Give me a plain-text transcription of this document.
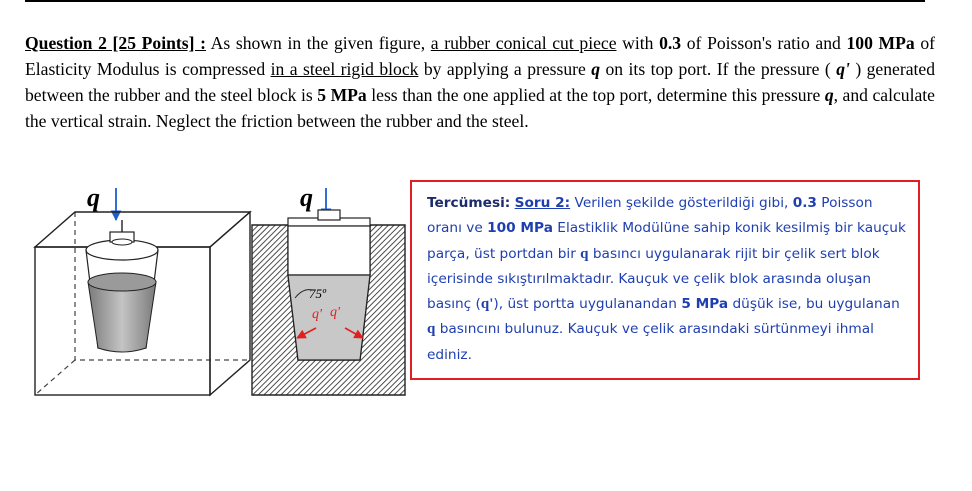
Question 2 [25 Points] : As shown in the given figure, a rubber conical cut piece with 0.3 of Poisson's ratio and 100 MPa of Elasticity Modulus is compressed in a steel rigid block by applying a pressure q on its top port. If the pressure ( q' ) generated between the rubber and the steel block is 5 MPa less than the one applied at the top port, determine this pressure q, and calculate the vertical strain. Neglect the friction between the rubber and the steel.
q	q
75º
q' q'
Tercümesi: Soru 2: Verilen şekilde gösterildiği gibi, 0.3 Poisson oranı ve 100 MPa Elastiklik Modülüne sahip konik kesilmiş bir kauçuk parça, üst portdan bir q basıncı uygulanarak rijit bir çelik sert blok içerisinde sıkıştırılmaktadır. Kauçuk ve çelik blok arasında oluşan basınç (q'), üst portta uygulanandan 5 MPa düşük ise, bu uygulanan q basıncını bulunuz. Kauçuk ve çelik arasındaki sürtünmeyi ihmal ediniz.
